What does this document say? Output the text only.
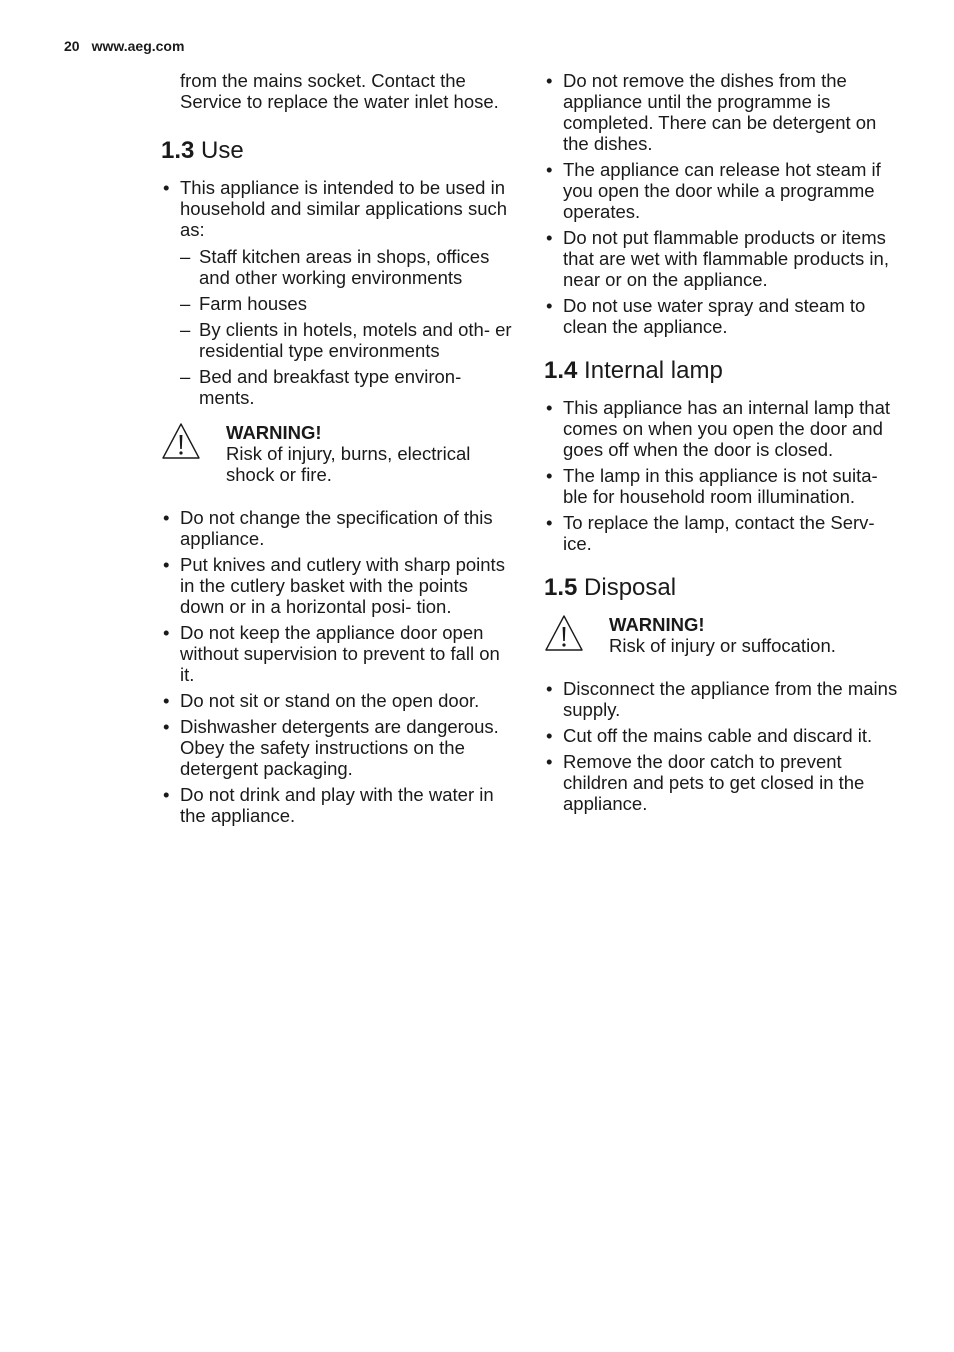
20 www.aeg.com

from the mains socket. Contact the Service to replace the water inlet hose.

1.3 Use
• This appliance is intended to be used in household and similar applications such as:
– Staff kitchen areas in shops, offices and other working environments
– Farm houses
– By clients in hotels, motels and oth- er residential type environments
– Bed and breakfast type environ- ments.
WARNING!
Risk of injury, burns, electrical shock or fire.
• Do not change the specification of this appliance.
• Put knives and cutlery with sharp points in the cutlery basket with the points down or in a horizontal posi- tion.
• Do not keep the appliance door open without supervision to prevent to fall on it.
• Do not sit or stand on the open door.
• Dishwasher detergents are dangerous. Obey the safety instructions on the detergent packaging.
• Do not drink and play with the water in the appliance.
• Do not remove the dishes from the appliance until the programme is completed. There can be detergent on the dishes.
• The appliance can release hot steam if you open the door while a programme operates.
• Do not put flammable products or items that are wet with flammable products in, near or on the appliance.
• Do not use water spray and steam to clean the appliance.
1.4 Internal lamp
• This appliance has an internal lamp that comes on when you open the door and goes off when the door is closed.
• The lamp in this appliance is not suita- ble for household room illumination.
• To replace the lamp, contact the Serv- ice.
1.5 Disposal
WARNING!
Risk of injury or suffocation.
• Disconnect the appliance from the mains supply.
• Cut off the mains cable and discard it.
• Remove the door catch to prevent children and pets to get closed in the appliance.
